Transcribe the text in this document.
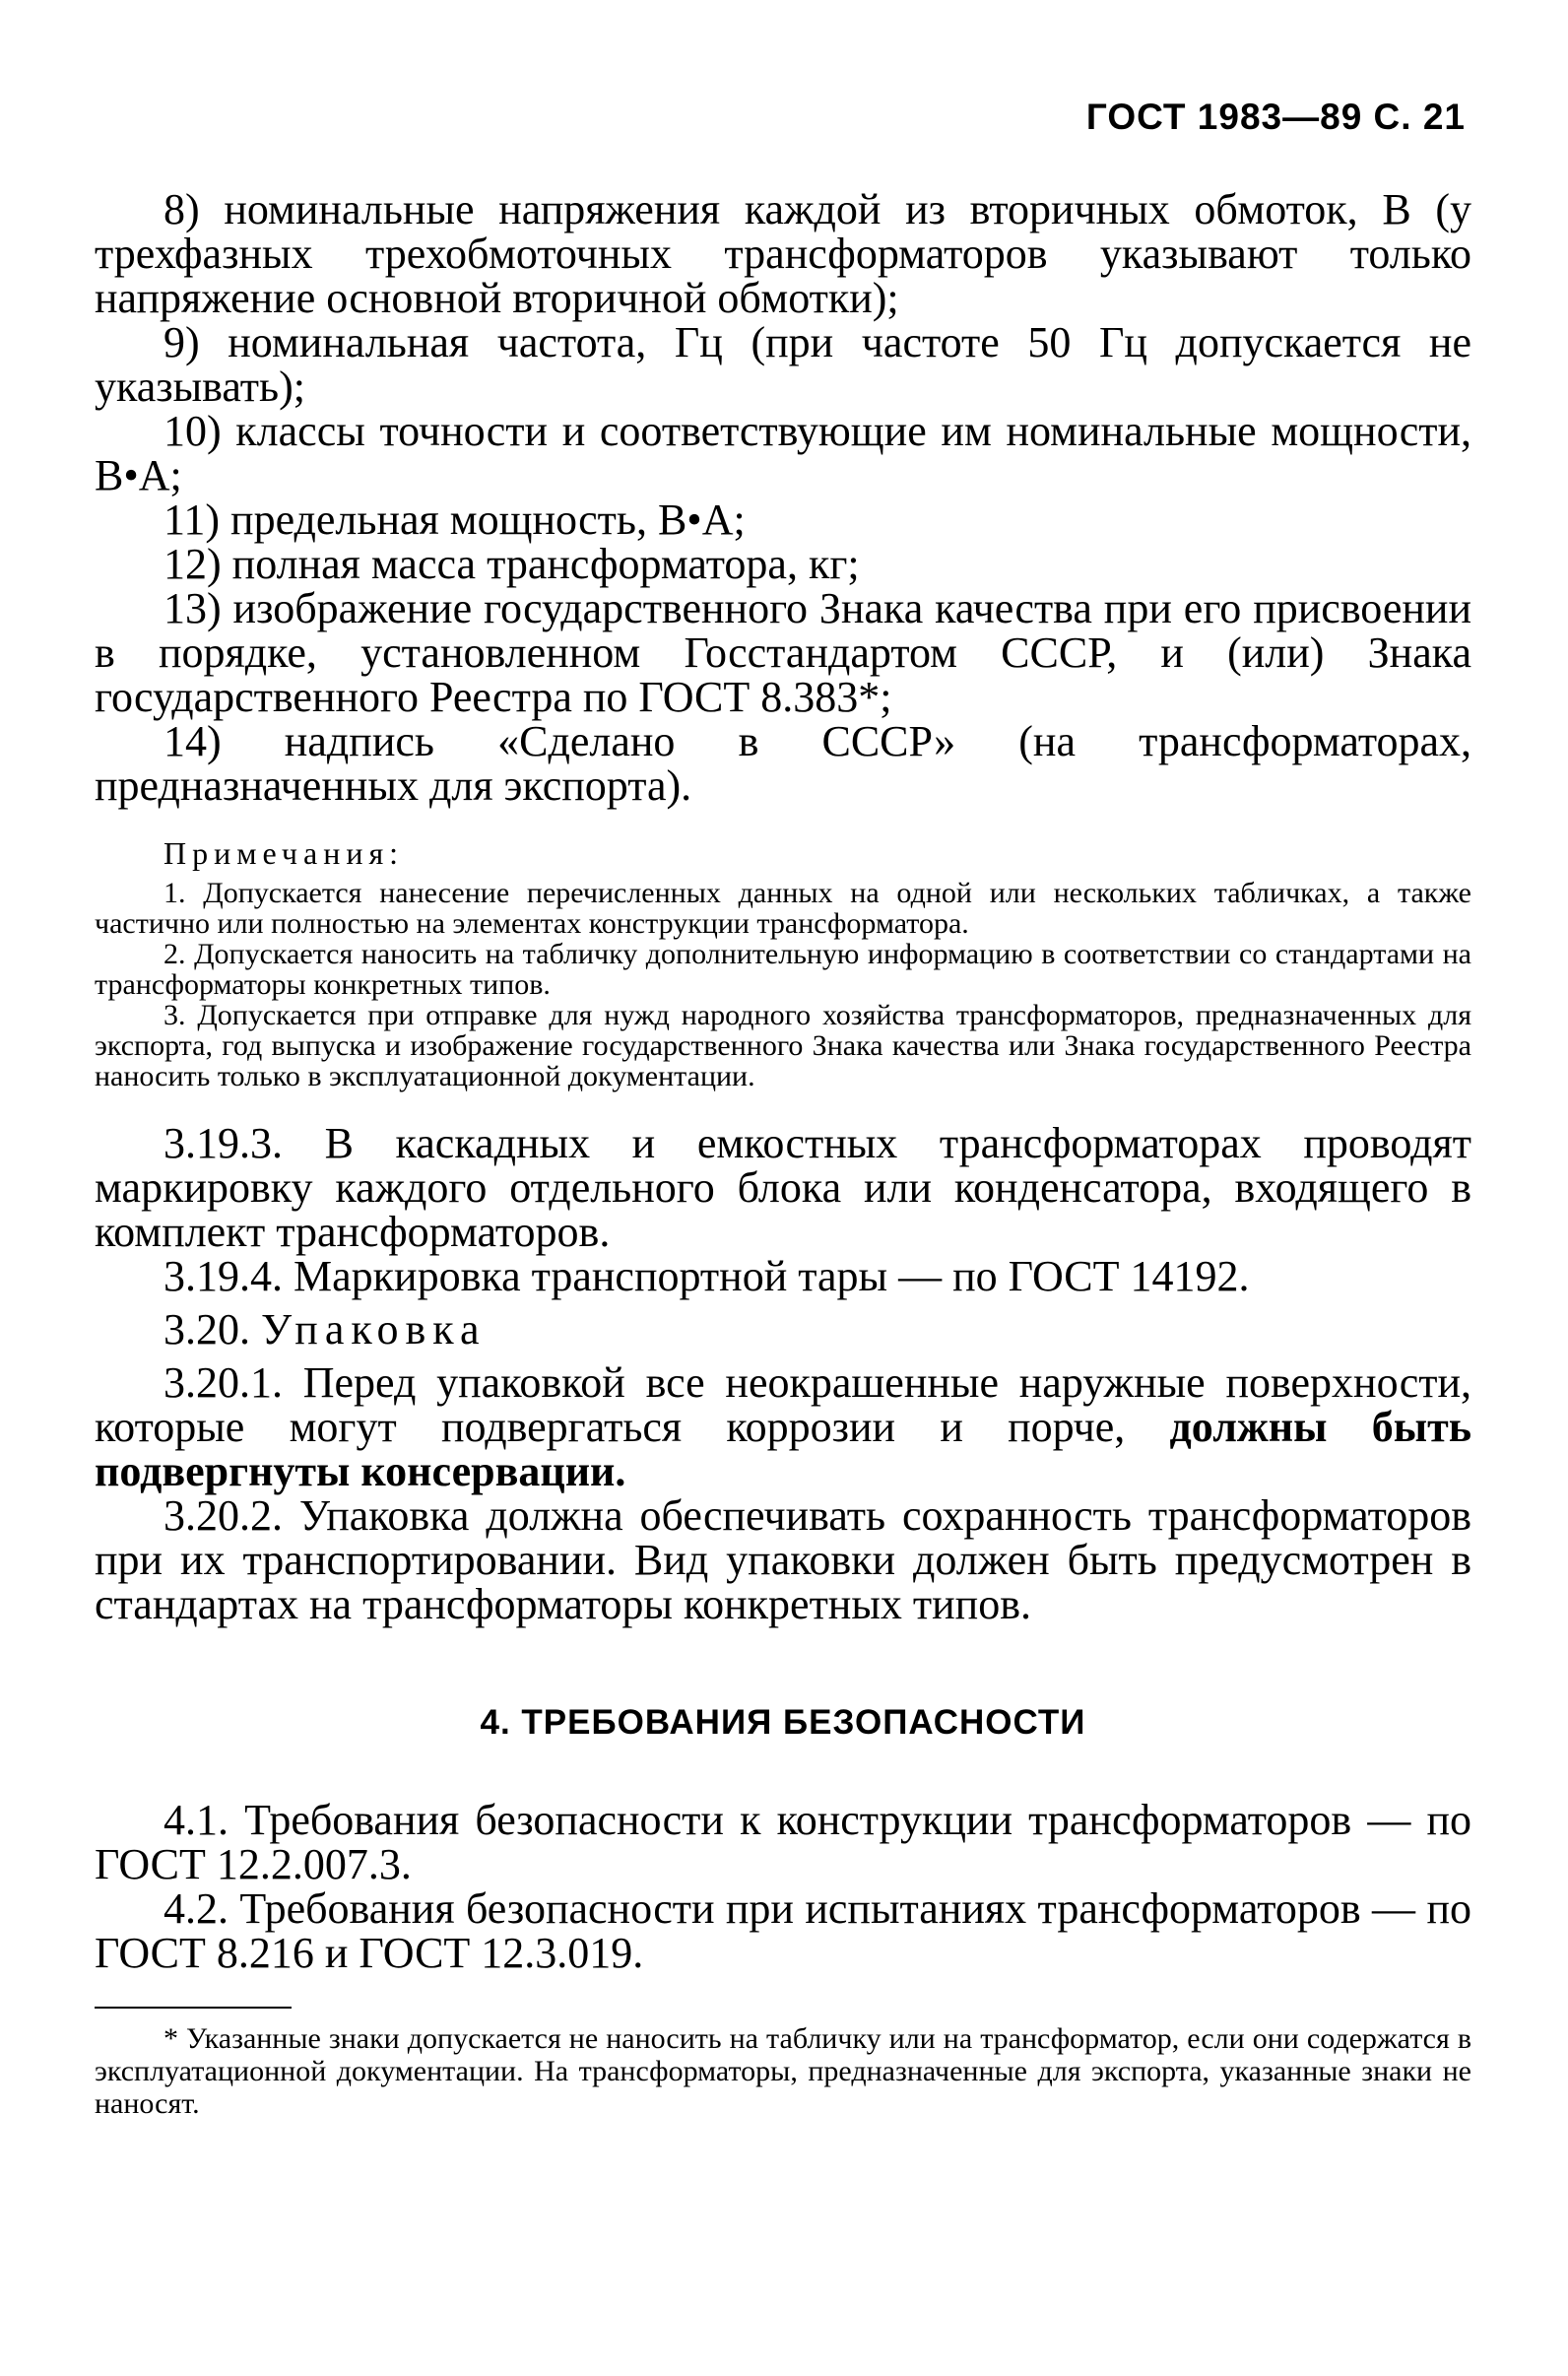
ГОСТ 1983—89 С. 21

8) номинальные напряжения каждой из вторичных обмоток, В (у трехфазных трехобмоточных трансформаторов указывают только напряжение основной вторичной обмотки);

9) номинальная частота, Гц (при частоте 50 Гц допускается не указывать);

10) классы точности и соответствующие им номинальные мощности, В•А;

11) предельная мощность, В•А;

12) полная масса трансформатора, кг;

13) изображение государственного Знака качества при его присвоении в порядке, установленном Госстандартом СССР, и (или) Знака государственного Реестра по ГОСТ 8.383*;

14) надпись «Сделано в СССР» (на трансформаторах, предназначенных для экспорта).

Примечания:

1. Допускается нанесение перечисленных данных на одной или нескольких табличках, а также частично или полностью на элементах конструкции трансформатора.

2. Допускается наносить на табличку дополнительную информацию в соответствии со стандартами на трансформаторы конкретных типов.

3. Допускается при отправке для нужд народного хозяйства трансформаторов, предназначенных для экспорта, год выпуска и изображение государственного Знака качества или Знака государственного Реестра наносить только в эксплуатационной документации.

3.19.3. В каскадных и емкостных трансформаторах проводят маркировку каждого отдельного блока или конденсатора, входящего в комплект трансформаторов.

3.19.4. Маркировка транспортной тары — по ГОСТ 14192.

3.20. Упаковка

3.20.1. Перед упаковкой все неокрашенные наружные поверхности, которые могут подвергаться коррозии и порче, должны быть подвергнуты консервации.

3.20.2. Упаковка должна обеспечивать сохранность трансформаторов при их транспортировании. Вид упаковки должен быть предусмотрен в стандартах на трансформаторы конкретных типов.

4. ТРЕБОВАНИЯ БЕЗОПАСНОСТИ

4.1. Требования безопасности к конструкции трансформаторов — по ГОСТ 12.2.007.3.

4.2. Требования безопасности при испытаниях трансформаторов — по ГОСТ 8.216 и ГОСТ 12.3.019.

* Указанные знаки допускается не наносить на табличку или на трансформатор, если они содержатся в эксплуатационной документации. На трансформаторы, предназначенные для экспорта, указанные знаки не наносят.
